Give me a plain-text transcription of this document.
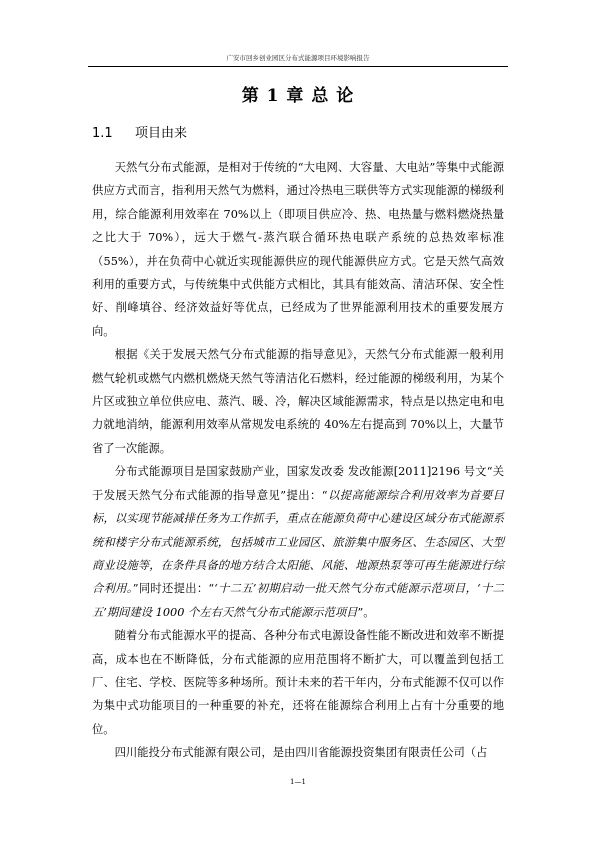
广安市回乡创业园区分布式能源项目环境影响报告
第 1 章 总 论
1.1 项目由来

天然气分布式能源，是相对于传统的“大电网、大容量、大电站”等集中式能源供应方式而言，指利用天然气为燃料，通过冷热电三联供等方式实现能源的梯级利用，综合能源利用效率在 70%以上（即项目供应冷、热、电热量与燃料燃烧热量之比大于 70%），远大于燃气-蒸汽联合循环热电联产系统的总热效率标准（55%），并在负荷中心就近实现能源供应的现代能源供应方式。它是天然气高效利用的重要方式，与传统集中式供能方式相比，其具有能效高、清洁环保、安全性好、削峰填谷、经济效益好等优点，已经成为了世界能源利用技术的重要发展方向。

根据《关于发展天然气分布式能源的指导意见》，天然气分布式能源一般利用燃气轮机或燃气内燃机燃烧天然气等清洁化石燃料，经过能源的梯级利用，为某个片区或独立单位供应电、蒸汽、暖、冷，解决区域能源需求，特点是以热定电和电力就地消纳，能源利用效率从常规发电系统的 40%左右提高到 70%以上，大量节省了一次能源。

分布式能源项目是国家鼓励产业，国家发改委 发改能源[2011]2196 号文“关于发展天然气分布式能源的指导意见”提出：“以提高能源综合利用效率为首要目标，以实现节能减排任务为工作抓手，重点在能源负荷中心建设区域分布式能源系统和楼宇分布式能源系统，包括城市工业园区、旅游集中服务区、生态园区、大型商业设施等，在条件具备的地方结合太阳能、风能、地源热泵等可再生能源进行综合利用。”同时还提出：“‘十二五’初期启动一批天然气分布式能源示范项目，‘十二五’期间建设 1000 个左右天然气分布式能源示范项目”。

随着分布式能源水平的提高、各种分布式电源设备性能不断改进和效率不断提高，成本也在不断降低，分布式能源的应用范围将不断扩大，可以覆盖到包括工厂、住宅、学校、医院等多种场所。预计未来的若干年内，分布式能源不仅可以作为集中式功能项目的一种重要的补充，还将在能源综合利用上占有十分重要的地位。

四川能投分布式能源有限公司，是由四川省能源投资集团有限责任公司（占

1—1
